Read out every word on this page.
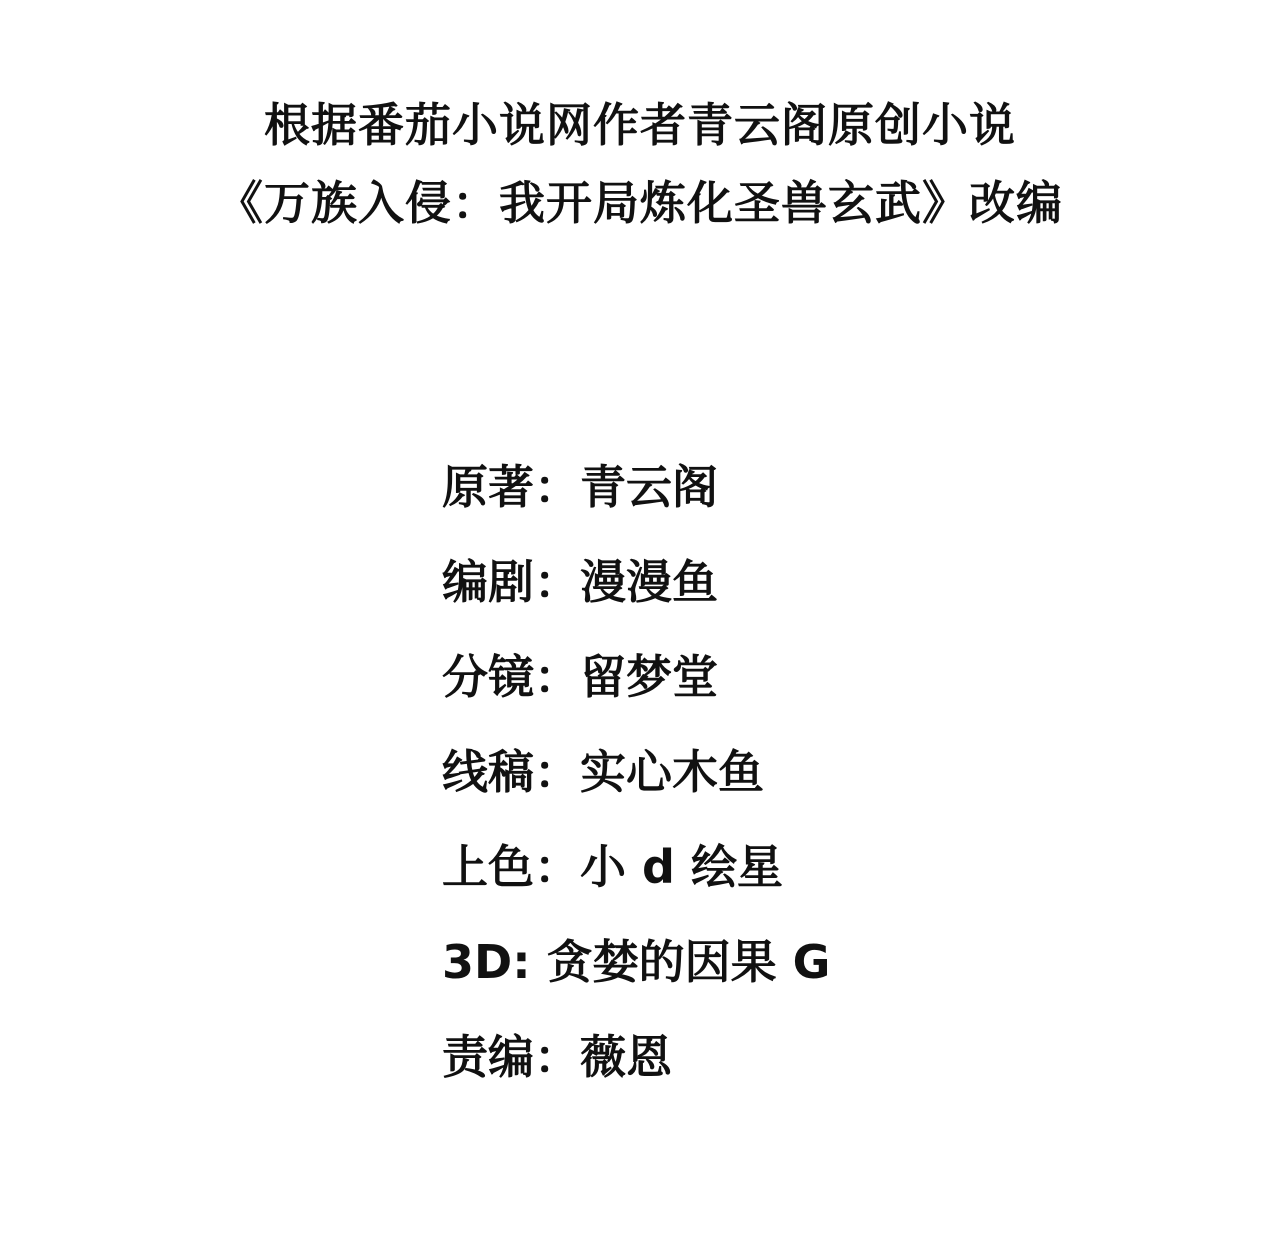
根据番茄小说网作者青云阁原创小说
《万族入侵：我开局炼化圣兽玄武》改编
原著：青云阁
编剧：漫漫鱼
分镜：留梦堂
线稿：实心木鱼
上色：小 d 绘星
3D: 贪婪的因果 G
责编：薇恩
